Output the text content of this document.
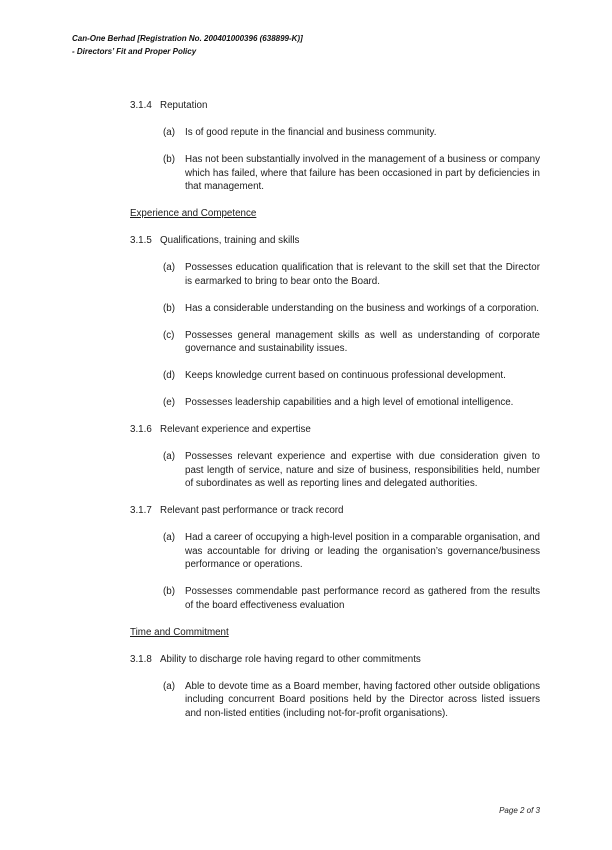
Can-One Berhad [Registration No. 200401000396 (638899-K)]
- Directors’ Fit and Proper Policy
3.1.4 Reputation
(a)	Is of good repute in the financial and business community.
(b)	Has not been substantially involved in the management of a business or company which has failed, where that failure has been occasioned in part by deficiencies in that management.
Experience and Competence
3.1.5 Qualifications, training and skills
(a)	Possesses education qualification that is relevant to the skill set that the Director is earmarked to bring to bear onto the Board.
(b)	Has a considerable understanding on the business and workings of a corporation.
(c)	Possesses general management skills as well as understanding of corporate governance and sustainability issues.
(d)	Keeps knowledge current based on continuous professional development.
(e)	Possesses leadership capabilities and a high level of emotional intelligence.
3.1.6 Relevant experience and expertise
(a)	Possesses relevant experience and expertise with due consideration given to past length of service, nature and size of business, responsibilities held, number of subordinates as well as reporting lines and delegated authorities.
3.1.7 Relevant past performance or track record
(a)	Had a career of occupying a high-level position in a comparable organisation, and was accountable for driving or leading the organisation’s governance/business performance or operations.
(b)	Possesses commendable past performance record as gathered from the results of the board effectiveness evaluation
Time and Commitment
3.1.8 Ability to discharge role having regard to other commitments
(a)	Able to devote time as a Board member, having factored other outside obligations including concurrent Board positions held by the Director across listed issuers and non-listed entities (including not-for-profit organisations).
Page 2 of 3
